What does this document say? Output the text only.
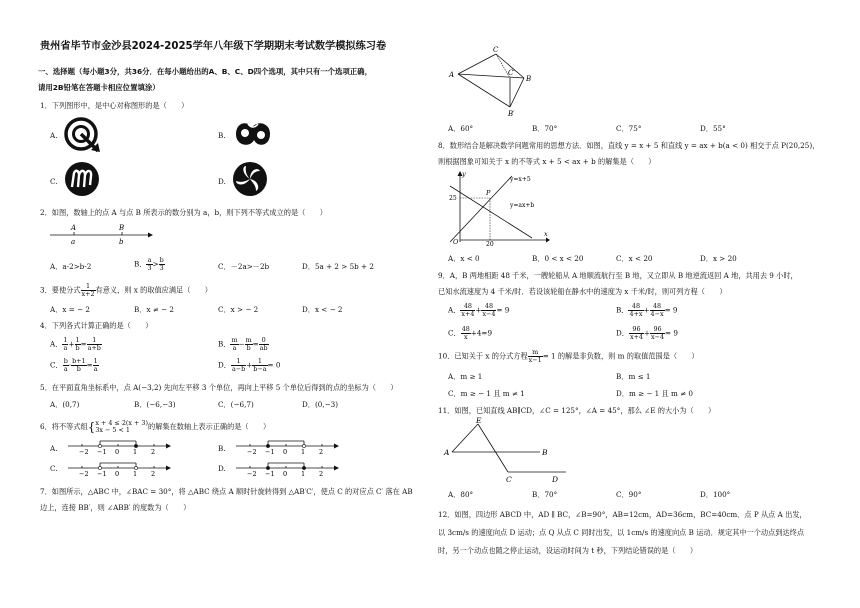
贵州省毕节市金沙县2024-2025学年八年级下学期期末考试数学模拟练习卷
一、选择题（每小题3分，共36分．在每小题给出的A、B、C、D四个选项，其中只有一个选项正确，
请用2B铅笔在答题卡相应位置填涂）
1．下列图形中，是中心对称图形的是（　　）
A.	B.
C.	D.
2．如图，数轴上的点 A 与点 B 所表示的数分别为 a，b，则下列不等式成立的是（　　）
A	B
a	b
A．a-2>b-2	B． $\frac{a}{3} > \frac{b}{3}$	C．－2a>－2b	D．5a + 2 > 5b + 2
3．要使分式 $\frac{1}{x+2}$ 有意义，则 x 的取值应满足（　　）
A．x = − 2	B．x ≠ − 2	C．x > − 2	D．x < − 2
4．下列各式计算正确的是（　　）
A． $\frac{1}{a} + \frac{1}{b} = \frac{1}{a+b}$	B． $\frac{m}{a} - \frac{m}{b} = \frac{0}{ab}$
C． $\frac{b}{a} \cdot \frac{b+1}{b} = \frac{1}{a}$	D． $\frac{1}{a-b} + \frac{1}{b-a} = 0$
5．在平面直角坐标系中，点 A(−3,2) 先向左平移 3 个单位，再向上平移 5 个单位后得到的点的坐标为（　　）
A．(0,7)	B．(−6,−3)	C．(−6,7)	D．(0,−3)
6．将不等式组{ x + 4 ≤ 2(x + 3)
3x − 5 < 1	的解集在数轴上表示正确的是（　　）
A.	B.
C.	D.
−2 −1 0 1 2	−2 −1 0 1 2
−2 −1 0 1 2	−2 −1 0 1 2
7．如图所示，△ABC 中，∠BAC = 30°，将 △ABC 绕点 A 顺时针旋转得到 △AB′C′，使点 C 的对应点 C′ 落在 AB
边上，连接 BB′，则 ∠ABB′ 的度数为（　　）
C
A	C′
B
B′
A．60°	B．70°	C．75°	D．55°
8．数形结合是解决数学问题常用的思想方法．如图，直线 y = x + 5 和直线 y = ax + b(a < 0) 相交于点 P(20,25)，
则根据图象可知关于 x 的不等式 x + 5 < ax + b 的解集是（　　）
y
x
O
P
y=x+5
y=ax+b
25
20
A．x < 0	B．0 < x < 20	C．x < 20	D．x > 20
9．A，B 两地相距 48 千米，一艘轮船从 A 地顺流航行至 B 地，又立即从 B 地逆流返回 A 地，共用去 9 小时，
已知水流速度为 4 千米/时．若设该轮船在静水中的速度为 x 千米/时，则可列方程（　　）
A． $\frac{48}{x+4} + \frac{48}{x-4} = 9$	B． $\frac{48}{4+x} + \frac{48}{4-x} = 9$
C． $\frac{48}{x} +4=9$	D． $\frac{96}{x+4} + \frac{96}{x-4} = 9$
10．已知关于 x 的分式方程 $\frac{m}{x-1} = 1$ 的解是非负数，则 m 的取值范围是（　　）
A．m ≥ 1	B．m ≤ 1
C．m ≥ − 1 且 m ≠ 1	D．m ≥ − 1 且 m ≠ 0
11．如图，已知直线 AB∥CD，∠C = 125°，∠A = 45°，那么 ∠E 的大小为（　　）
E
A	B
C	D
A．80°	B．70°	C．90°	D．100°
12．如图，四边形 ABCD 中，AD ∥ BC，∠B=90°，AB=12cm，AD=36cm，BC=40cm．点 P 从点 A 出发，
以 3cm/s 的速度向点 D 运动；点 Q 从点 C 同时出发，以 1cm/s 的速度向点 B 运动．规定其中一个动点到达终点
时，另一个动点也随之停止运动，设运动时间为 t 秒，下列结论错误的是（　　）
